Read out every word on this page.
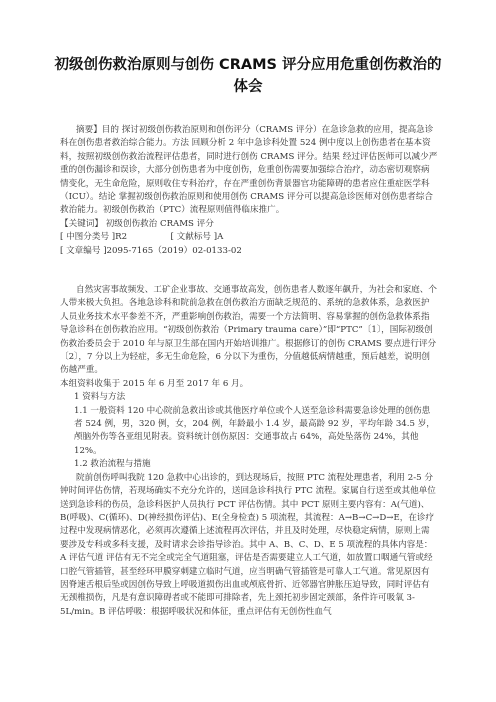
初级创伤救治原则与创伤 CRAMS 评分应用危重创伤救治的
体会

摘要】目的 探讨初级创伤救治原则和创伤评分（CRAMS 评分）在急诊急救的应用，提高急诊科在创伤患者救治综合能力。方法 回顾分析 2 年中急诊科处置 524 例中度以上创伤患者在基本资料，按照初级创伤救治流程评估患者，同时进行创伤 CRAMS 评分。结果 经过评估医师可以减少严重的创伤漏诊和误诊，大部分创伤患者为中度创伤，危重创伤需要加强综合治疗，动态密切观察病情变化，无生命危险，原则收住专科治疗，存在严重创伤背景器官功能障碍的患者应住重症医学科（ICU）。结论 掌握初级创伤救治原则和使用创伤 CRAMS 评分可以提高急诊医师对创伤患者综合救治能力。初级创伤救治（PTC）流程原则值得临床推广。

【关键词】 初级创伤救治 CRAMS 评分

[ 中图分类号 ]R2	[ 文献标号 ]A  [ 文章编号 ]2095-7165（2019）02-0133-02

自然灾害事故频发、工矿企业事故、交通事故高发，创伤患者人数逐年飙升，为社会和家庭、个人带来极大负担。各地急诊科和院前急救在创伤救治方面缺乏规范的、系统的急救体系，急救医护人员业务技术水平参差不齐，严重影响创伤救治，需要一个方法简明、容易掌握的创伤急救体系指导急诊科在创伤救治应用。“初级创伤救治（Primary trauma care）”即“PTC”〔1〕，国际初级创伤救治委员会于 2010 年与原卫生部在国内开始培训推广。根据修订的创伤 CRAMS 要点进行评分〔2〕，7 分以上为轻症，多无生命危险，6 分以下为重伤，分值越低病情越重，预后越差，说明创伤越严重。

本组资料收集于 2015 年 6 月至 2017 年 6 月。

1 资料与方法

1.1 一般资料 120 中心院前急救出诊或其他医疗单位或个人送至急诊科需要急诊处理的创伤患者 524 例，男，320 例，女，204 例，年龄最小 1.4 岁，最高龄 92 岁，平均年龄 34.5 岁，颅脑外伤等各亚组见附表。资料统计创伤原因：交通事故占 64%，高处坠落伤 24%，其他 12%。

1.2 救治流程与措施

院前创伤呼叫我院 120 急救中心出诊的，到达现场后，按照 PTC 流程处理患者，利用 2-5 分钟时间评估伤情，若现场确实不充分允许的，送回急诊科执行 PTC 流程。家属自行送至或其他单位送到急诊科的伤员，急诊科医护人员执行 PCT 评估伤情。其中 PCT 原则主要内容有：A(气道)、B(呼吸)、C(循环)、D(神经损伤评估)、E(全身检查) 5 项流程，其流程：A→B→C→D→E，在诊疗过程中发现病情恶化，必须再次遵循上述流程再次评估，并且及时处理，尽快稳定病情，原则上需要涉及专科或多科支援，及时请求会诊指导诊治。其中 A、B、C、D、E 5 项流程的具体内容是：A 评估气道 评估有无不完全或完全气道阻塞，评估是否需要建立人工气道，如放置口咽通气管或经口腔气管插管，甚至经环甲膜穿刺建立临时气道，应当明确气管插管是可靠人工气道。常见原因有因脊速舌根后坠或因创伤导致上呼吸道损伤出血或颅底骨折、近邻器官肿胀压迫导致，同时评估有无颈椎损伤，凡是有意识障碍者或不能即可排除者，先上颈托初步固定颈部，条件许可吸氧 3-5L/min。B 评估呼吸：根据呼吸状况和体征，重点评估有无创伤性血气
